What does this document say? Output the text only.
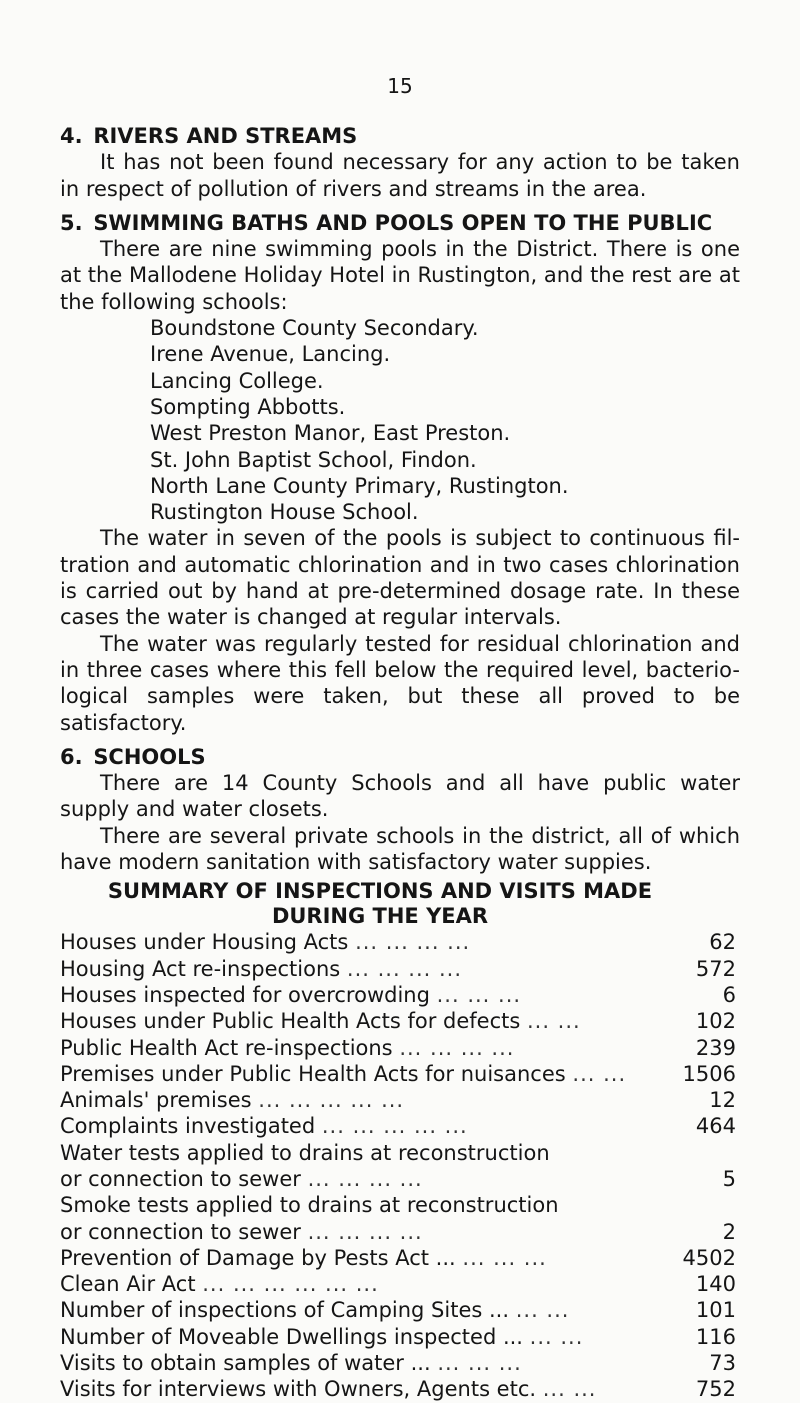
15
4. RIVERS AND STREAMS

It has not been found necessary for any action to be taken in respect of pollution of rivers and streams in the area.

5. SWIMMING BATHS AND POOLS OPEN TO THE PUBLIC

There are nine swimming pools in the District. There is one at the Mallodene Holiday Hotel in Rustington, and the rest are at the following schools:

Boundstone County Secondary.
Irene Avenue, Lancing.
Lancing College.
Sompting Abbotts.
West Preston Manor, East Preston.
St. John Baptist School, Findon.
North Lane County Primary, Rustington.
Rustington House School.

The water in seven of the pools is subject to continuous fil- tration and automatic chlorination and in two cases chlorination is carried out by hand at pre-determined dosage rate. In these cases the water is changed at regular intervals.

The water was regularly tested for residual chlorination and in three cases where this fell below the required level, bacterio- logical samples were taken, but these all proved to be satisfactory.

6. SCHOOLS

There are 14 County Schools and all have public water supply and water closets.

There are several private schools in the district, all of which have modern sanitation with satisfactory water suppies.

SUMMARY OF INSPECTIONS AND VISITS MADE
DURING THE YEAR
Houses under Housing Acts ... ... ... ...	62
Housing Act re-inspections ... ... ... ...	572
Houses inspected for overcrowding ... ... ...	6
Houses under Public Health Acts for defects ... ...	102
Public Health Act re-inspections ... ... ... ...	239
Premises under Public Health Acts for nuisances ... ...	1506
Animals' premises ... ... ... ... ...	12
Complaints investigated ... ... ... ... ...	464
Water tests applied to drains at reconstruction	
or connection to sewer ... ... ... ...	5
Smoke tests applied to drains at reconstruction	
or connection to sewer ... ... ... ...	2
Prevention of Damage by Pests Act ... ... ... ...	4502
Clean Air Act ... ... ... ... ... ...	140
Number of inspections of Camping Sites ... ... ...	101
Number of Moveable Dwellings inspected ... ... ...	116
Visits to obtain samples of water ... ... ... ...	73
Visits for interviews with Owners, Agents etc. ... ...	752
